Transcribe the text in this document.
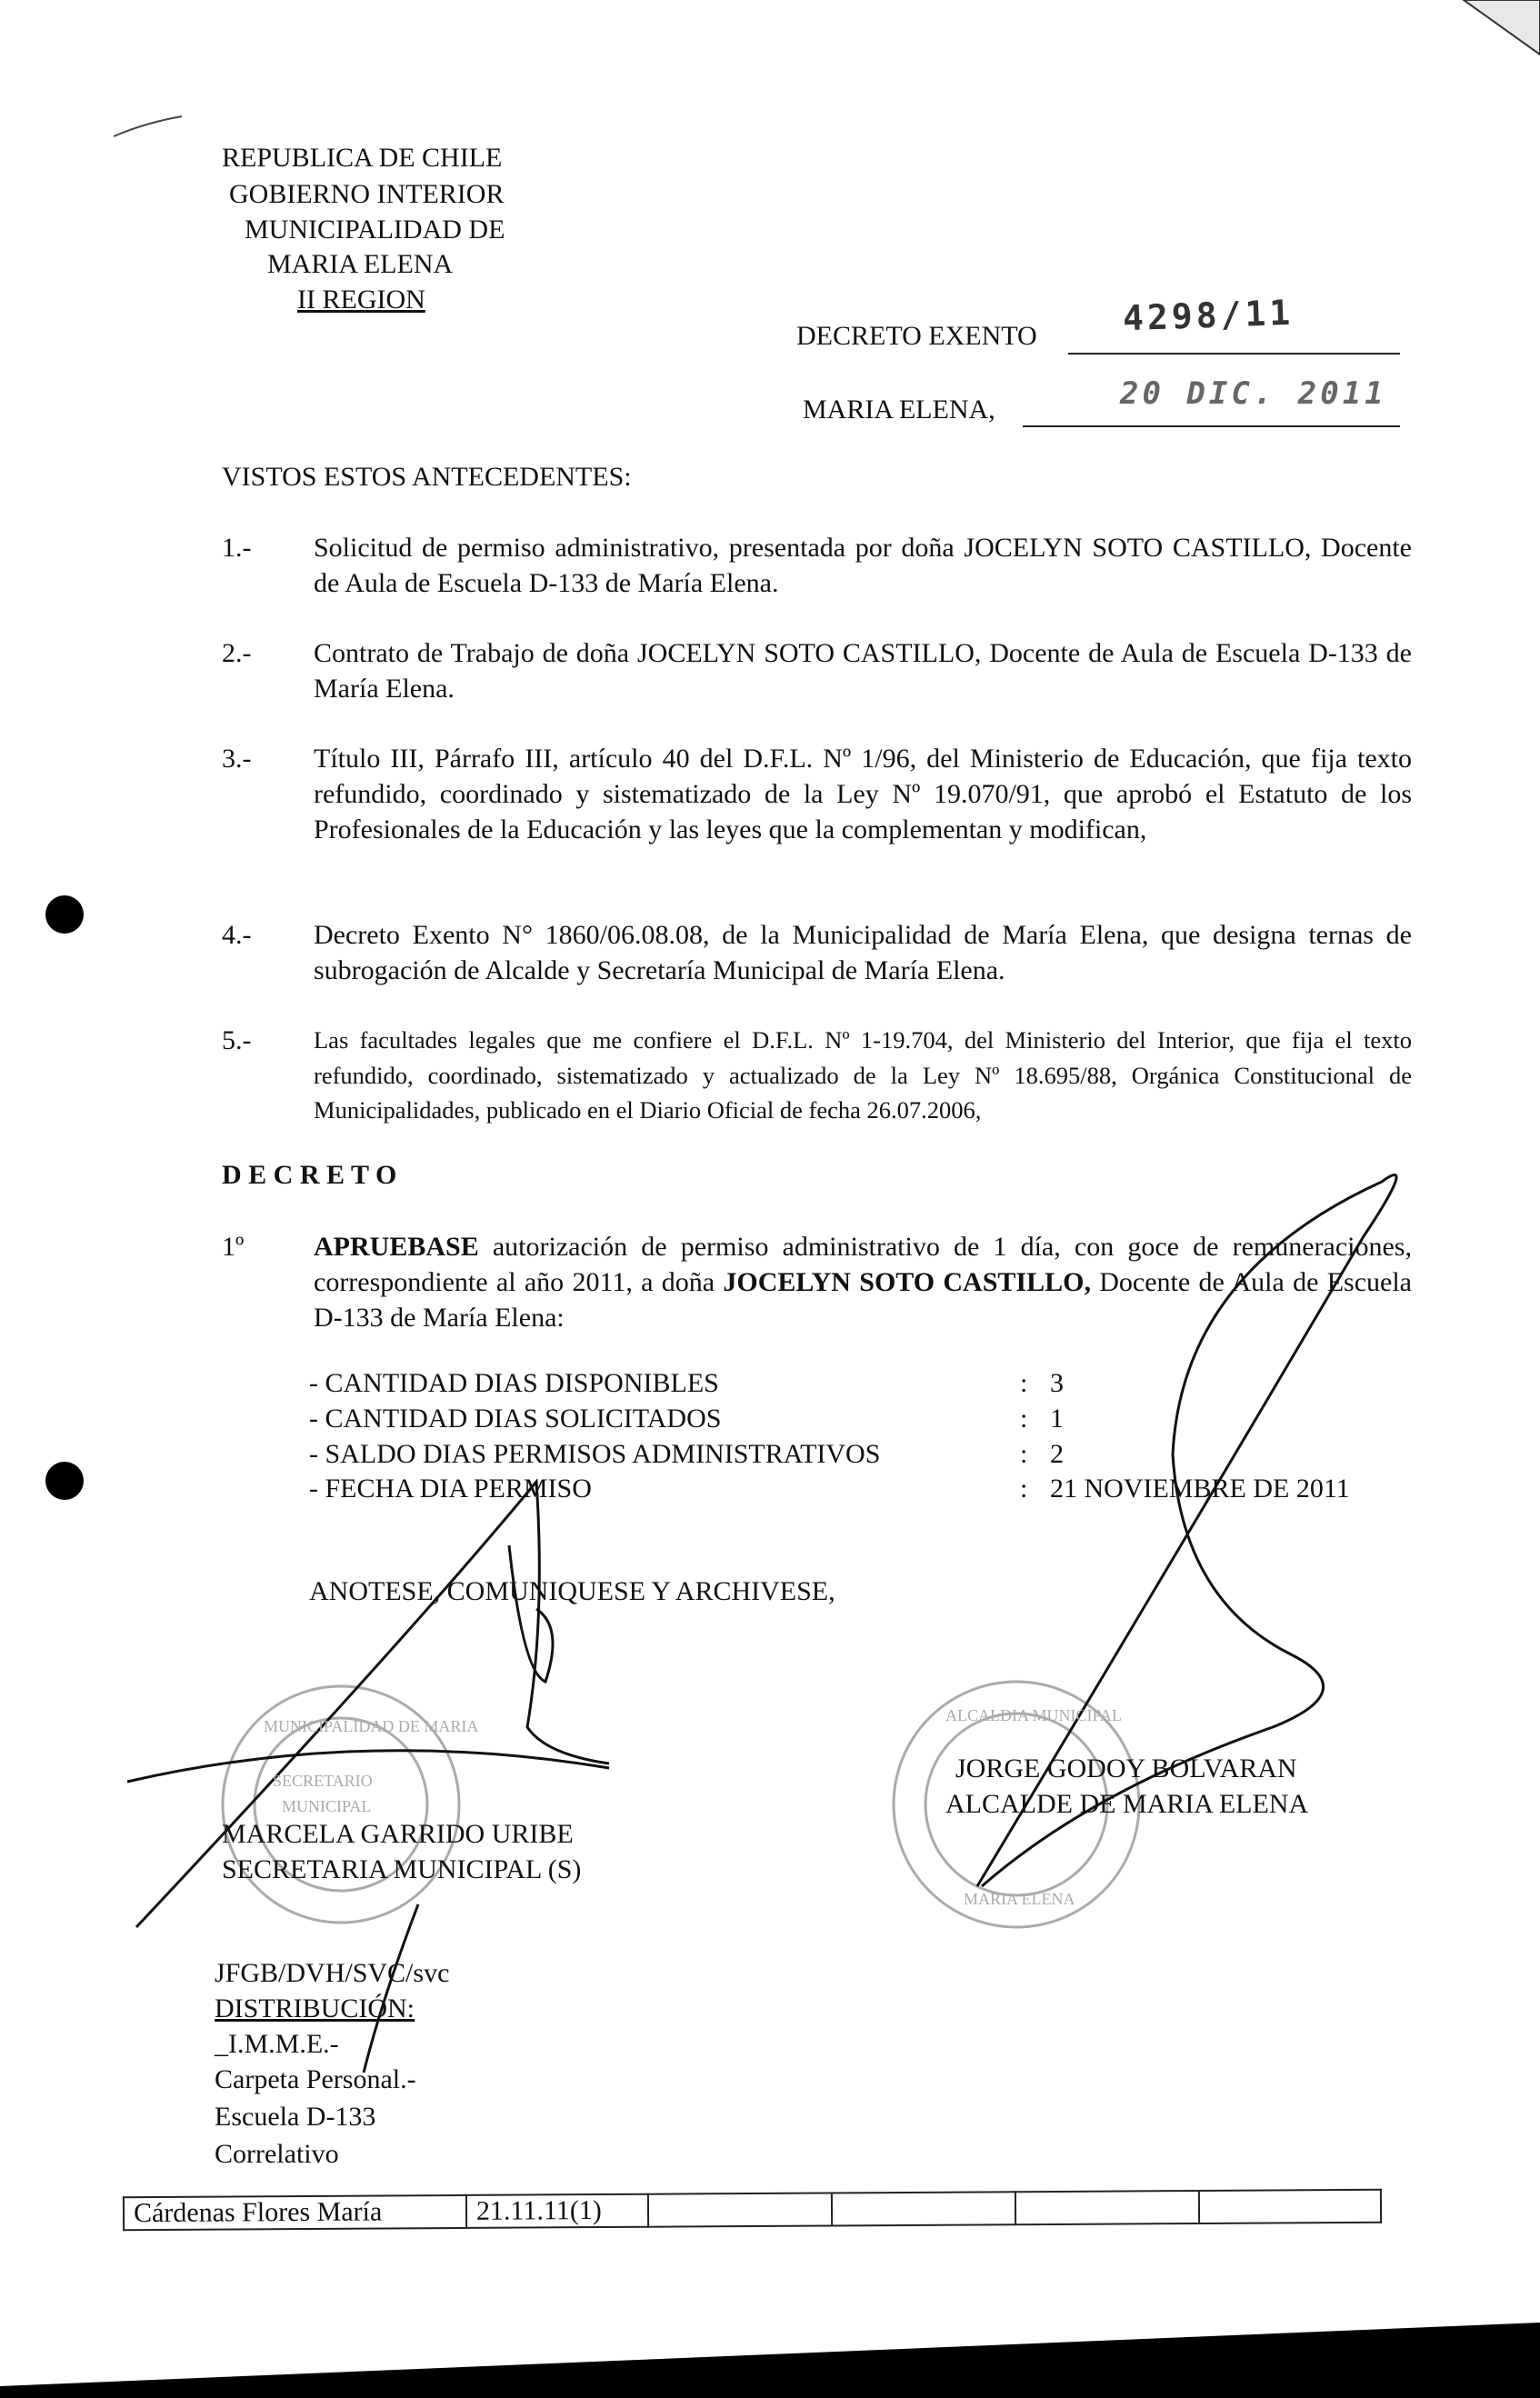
REPUBLICA DE CHILE
GOBIERNO INTERIOR
MUNICIPALIDAD DE
MARIA ELENA
II REGION
DECRETO EXENTO 4298/11
MARIA ELENA,	20 DIC. 2011
VISTOS ESTOS ANTECEDENTES:
1.- Solicitud de permiso administrativo, presentada por doña JOCELYN SOTO CASTILLO, Docente de Aula de Escuela D-133 de María Elena.
2.- Contrato de Trabajo de doña JOCELYN SOTO CASTILLO, Docente de Aula de Escuela D-133 de María Elena.
3.- Título III, Párrafo III, artículo 40 del D.F.L. Nº 1/96, del Ministerio de Educación, que fija texto refundido, coordinado y sistematizado de la Ley Nº 19.070/91, que aprobó el Estatuto de los Profesionales de la Educación y las leyes que la complementan y modifican,
4.- Decreto Exento N° 1860/06.08.08, de la Municipalidad de María Elena, que designa ternas de subrogación de Alcalde y Secretaría Municipal de María Elena.
5.-	Las facultades legales que me confiere el D.F.L. Nº 1-19.704, del Ministerio del Interior, que fija el texto refundido, coordinado, sistematizado y actualizado de la Ley Nº 18.695/88, Orgánica Constitucional de Municipalidades, publicado en el Diario Oficial de fecha 26.07.2006,
D E C R E T O
1º	APRUEBASE autorización de permiso administrativo de 1 día, con goce de remuneraciones, correspondiente al año 2011, a doña JOCELYN SOTO CASTILLO, Docente de Aula de Escuela D-133 de María Elena:
- CANTIDAD DIAS DISPONIBLES	: 3
- CANTIDAD DIAS SOLICITADOS	: 1
- SALDO DIAS PERMISOS ADMINISTRATIVOS	: 2
- FECHA DIA PERMISO	: 21 NOVIEMBRE DE 2011
ANOTESE, COMUNIQUESE Y ARCHIVESE,
JORGE GODOY BOLVARAN
ALCALDE DE MARIA ELENA
MARCELA GARRIDO URIBE
SECRETARIA MUNICIPAL (S)
MUNICIPALIDAD DE MARIA
SECRETARIO
MUNICIPAL
ALCALDIA MUNICIPAL
MARIA ELENA
JFGB/DVH/SVC/svc
DISTRIBUCIÓN:
_I.M.M.E.-
Carpeta Personal.-
Escuela D-133
Correlativo
Cárdenas Flores María	21.11.11(1)				
